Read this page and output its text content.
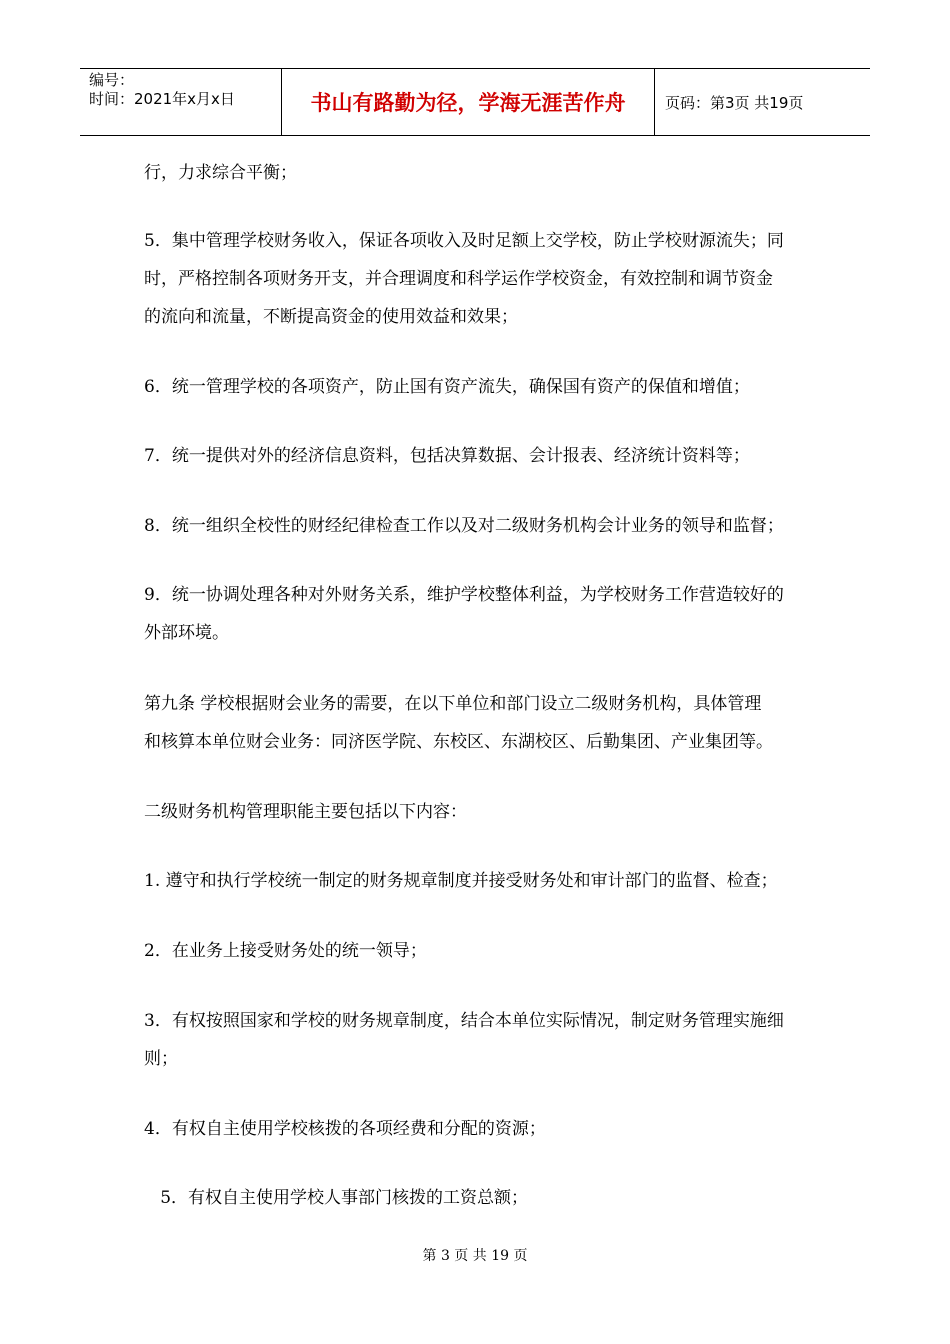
编号：
时间：2021年x月x日	书山有路勤为径，学海无涯苦作舟	页码：第3页 共19页

行，力求综合平衡；

5．集中管理学校财务收入，保证各项收入及时足额上交学校，防止学校财源流失；同

时，严格控制各项财务开支，并合理调度和科学运作学校资金，有效控制和调节资金

的流向和流量，不断提高资金的使用效益和效果；

6．统一管理学校的各项资产，防止国有资产流失，确保国有资产的保值和增值；

7．统一提供对外的经济信息资料，包括决算数据、会计报表、经济统计资料等；

8．统一组织全校性的财经纪律检查工作以及对二级财务机构会计业务的领导和监督；

9．统一协调处理各种对外财务关系，维护学校整体利益，为学校财务工作营造较好的

外部环境。

第九条 学校根据财会业务的需要，在以下单位和部门设立二级财务机构，具体管理

和核算本单位财会业务：同济医学院、东校区、东湖校区、后勤集团、产业集团等。

二级财务机构管理职能主要包括以下内容：

1. 遵守和执行学校统一制定的财务规章制度并接受财务处和审计部门的监督、检查；

2．在业务上接受财务处的统一领导；

3．有权按照国家和学校的财务规章制度，结合本单位实际情况，制定财务管理实施细

则；

4．有权自主使用学校核拨的各项经费和分配的资源；

5．有权自主使用学校人事部门核拨的工资总额；

第 3 页 共 19 页
